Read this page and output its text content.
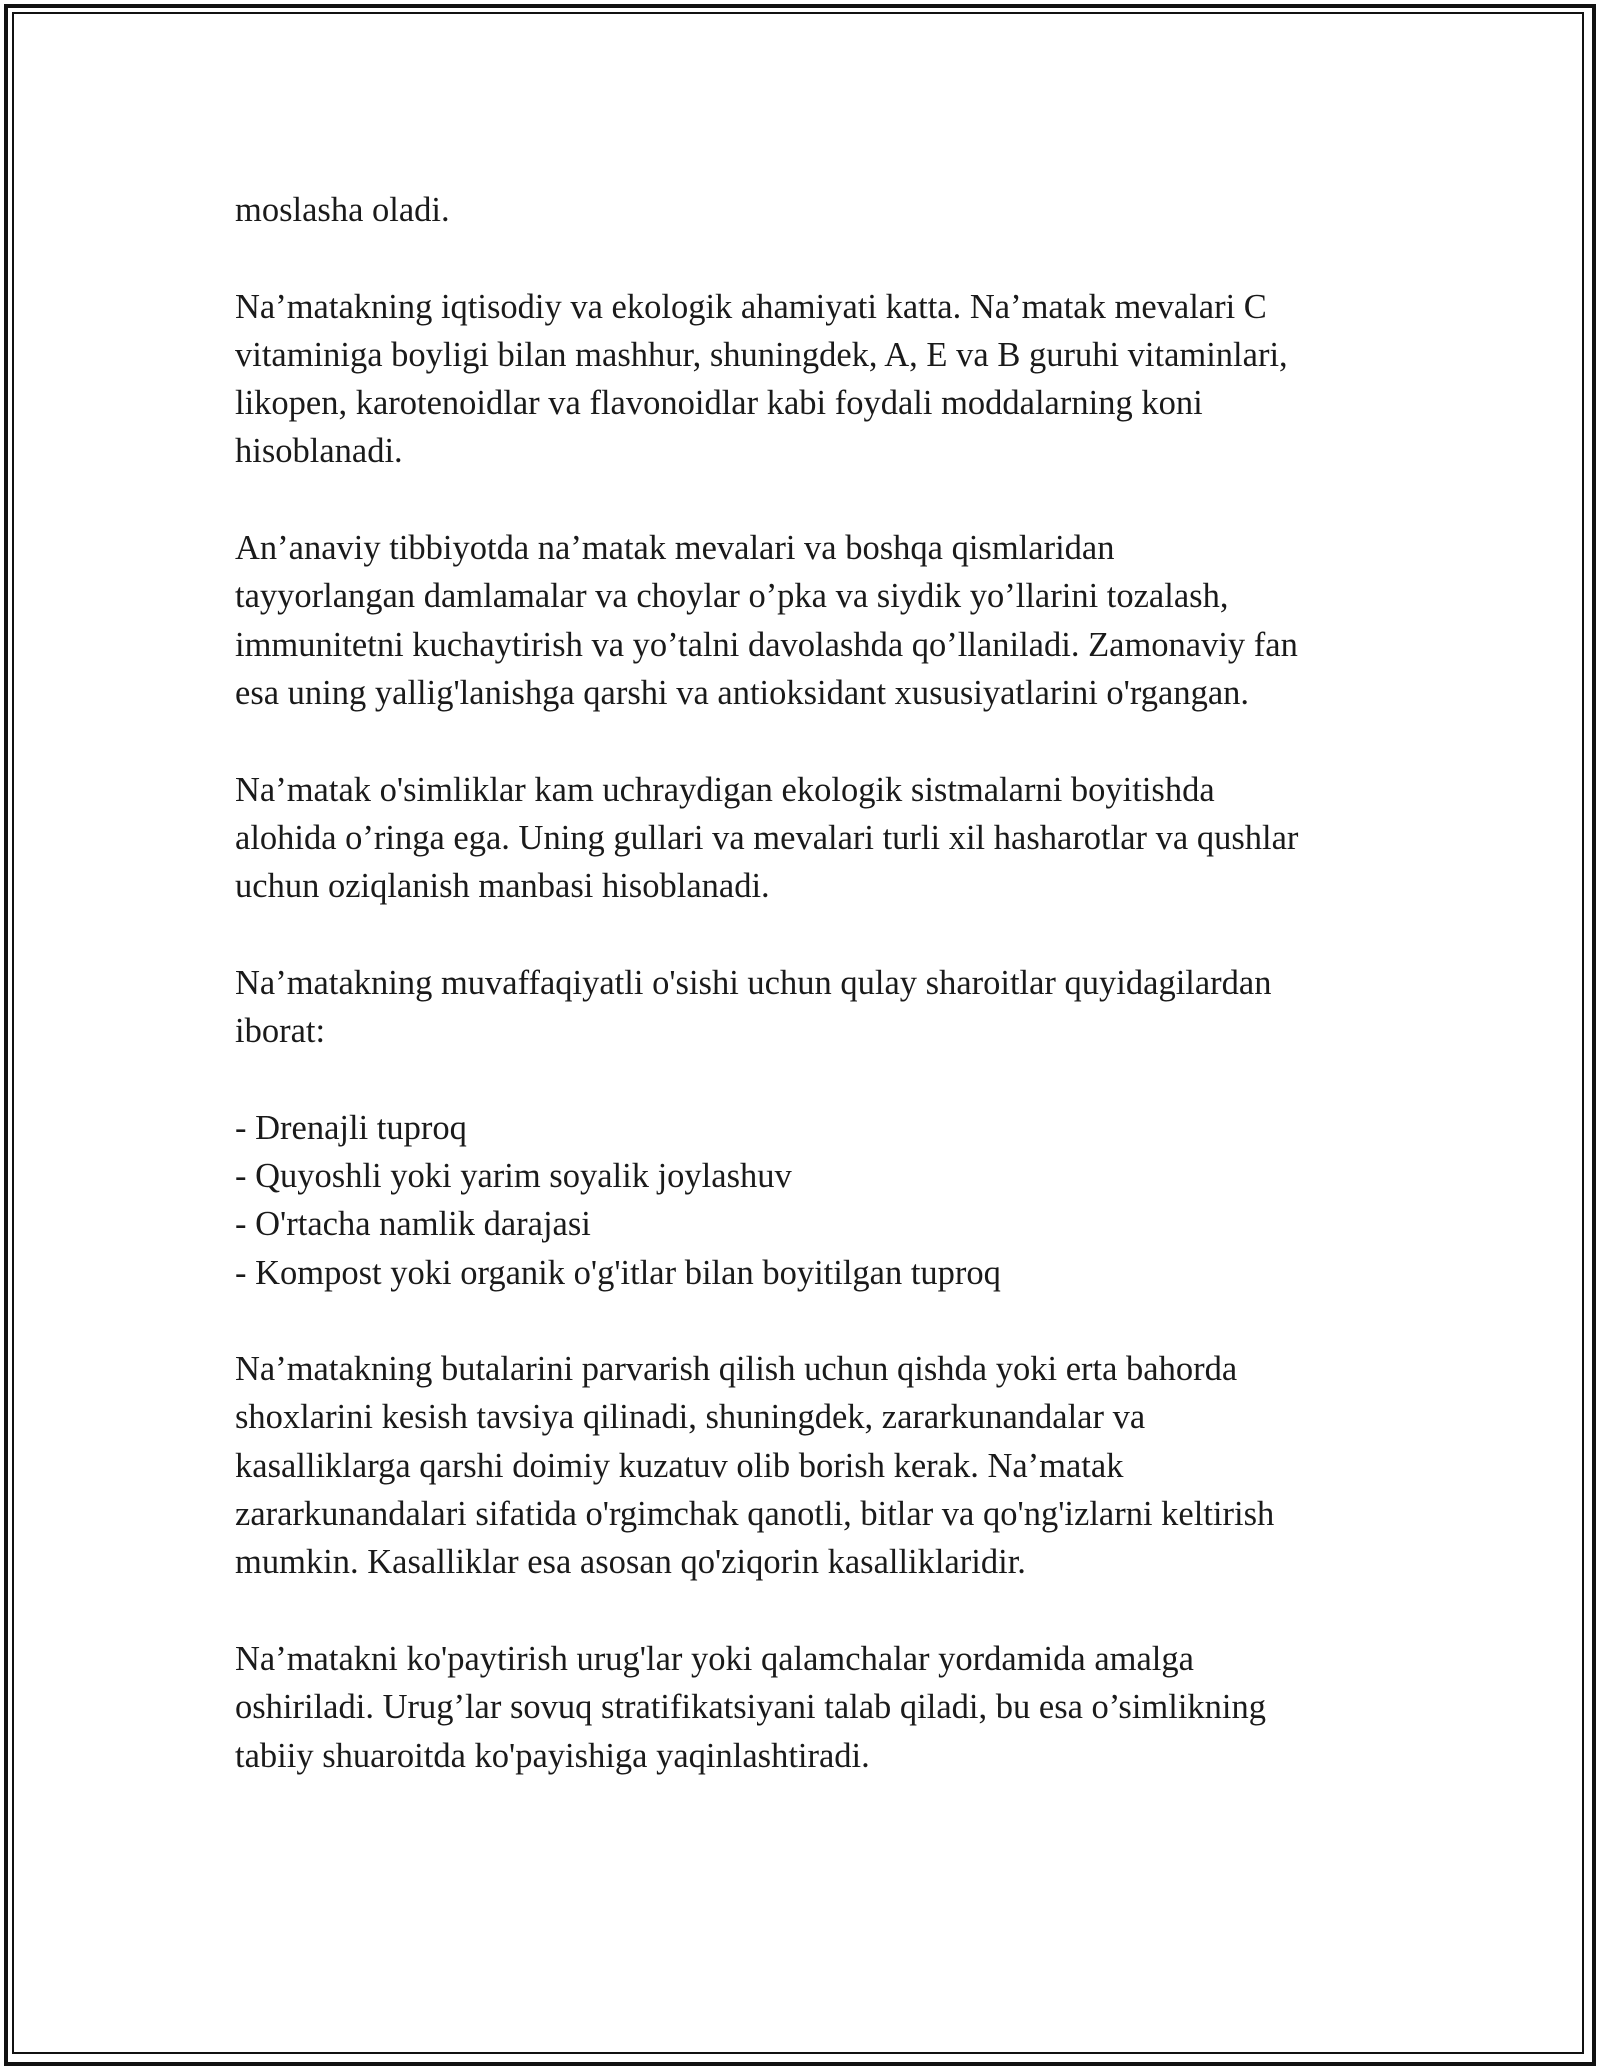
moslasha oladi.

Na’matakning iqtisodiy va ekologik ahamiyati katta. Na’matak mevalari C
vitaminiga boyligi bilan mashhur, shuningdek, A, E va B guruhi vitaminlari,
likopen, karotenoidlar va flavonoidlar kabi foydali moddalarning koni
hisoblanadi.

An’anaviy tibbiyotda na’matak mevalari va boshqa qismlaridan
tayyorlangan damlamalar va choylar o’pka va siydik yo’llarini tozalash,
immunitetni kuchaytirish va yo’talni davolashda qo’llaniladi. Zamonaviy fan
esa uning yallig'lanishga qarshi va antioksidant xususiyatlarini o'rgangan.

Na’matak o'simliklar kam uchraydigan ekologik sistmalarni boyitishda
alohida o’ringa ega. Uning gullari va mevalari turli xil hasharotlar va qushlar
uchun oziqlanish manbasi hisoblanadi.

Na’matakning muvaffaqiyatli o'sishi uchun qulay sharoitlar quyidagilardan
iborat:

- Drenajli tuproq
- Quyoshli yoki yarim soyalik joylashuv
- O'rtacha namlik darajasi
- Kompost yoki organik o'g'itlar bilan boyitilgan tuproq

Na’matakning butalarini parvarish qilish uchun qishda yoki erta bahorda
shoxlarini kesish tavsiya qilinadi, shuningdek, zararkunandalar va
kasalliklarga qarshi doimiy kuzatuv olib borish kerak. Na’matak
zararkunandalari sifatida o'rgimchak qanotli, bitlar va qo'ng'izlarni keltirish
mumkin. Kasalliklar esa asosan qo'ziqorin kasalliklaridir.

Na’matakni ko'paytirish urug'lar yoki qalamchalar yordamida amalga
oshiriladi. Urug’lar sovuq stratifikatsiyani talab qiladi, bu esa o’simlikning
tabiiy shuaroitda ko'payishiga yaqinlashtiradi.
